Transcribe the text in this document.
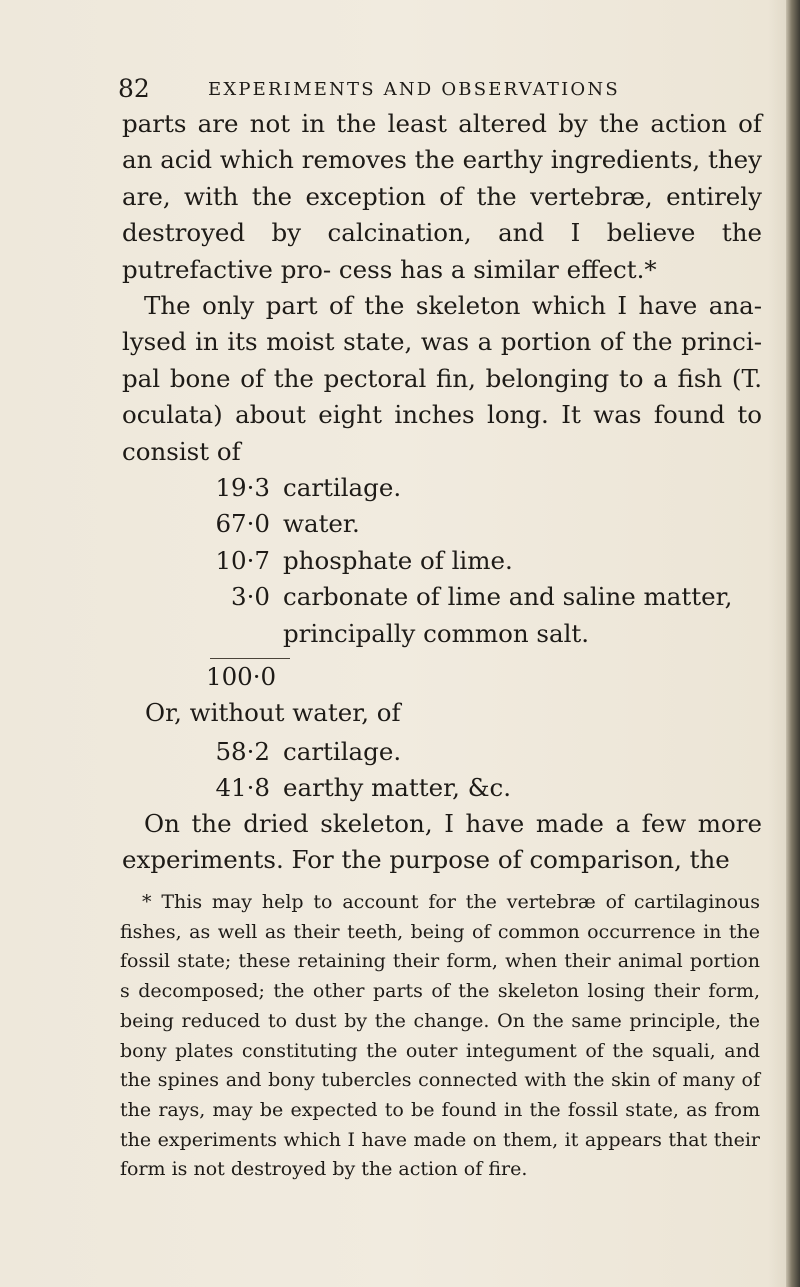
82	EXPERIMENTS AND OBSERVATIONS

parts are not in the least altered by the action of an acid which removes the earthy ingredients, they are, with the exception of the vertebræ, entirely destroyed by calcination, and I believe the putrefactive pro- cess has a similar effect.*

The only part of the skeleton which I have ana- lysed in its moist state, was a portion of the princi- pal bone of the pectoral fin, belonging to a fish (T. oculata) about eight inches long. It was found to consist of

19·3 cartilage.
67·0 water.
10·7 phosphate of lime.
3·0 carbonate of lime and saline matter,
principally common salt.
100·0
Or, without water, of
58·2 cartilage.
41·8 earthy matter, &c.

On the dried skeleton, I have made a few more experiments. For the purpose of comparison, the

* This may help to account for the vertebræ of cartilaginous fishes, as well as their teeth, being of common occurrence in the fossil state; these retaining their form, when their animal portion s decomposed; the other parts of the skeleton losing their form, being reduced to dust by the change. On the same principle, the bony plates constituting the outer integument of the squali, and the spines and bony tubercles connected with the skin of many of the rays, may be expected to be found in the fossil state, as from the experiments which I have made on them, it appears that their form is not destroyed by the action of fire.
